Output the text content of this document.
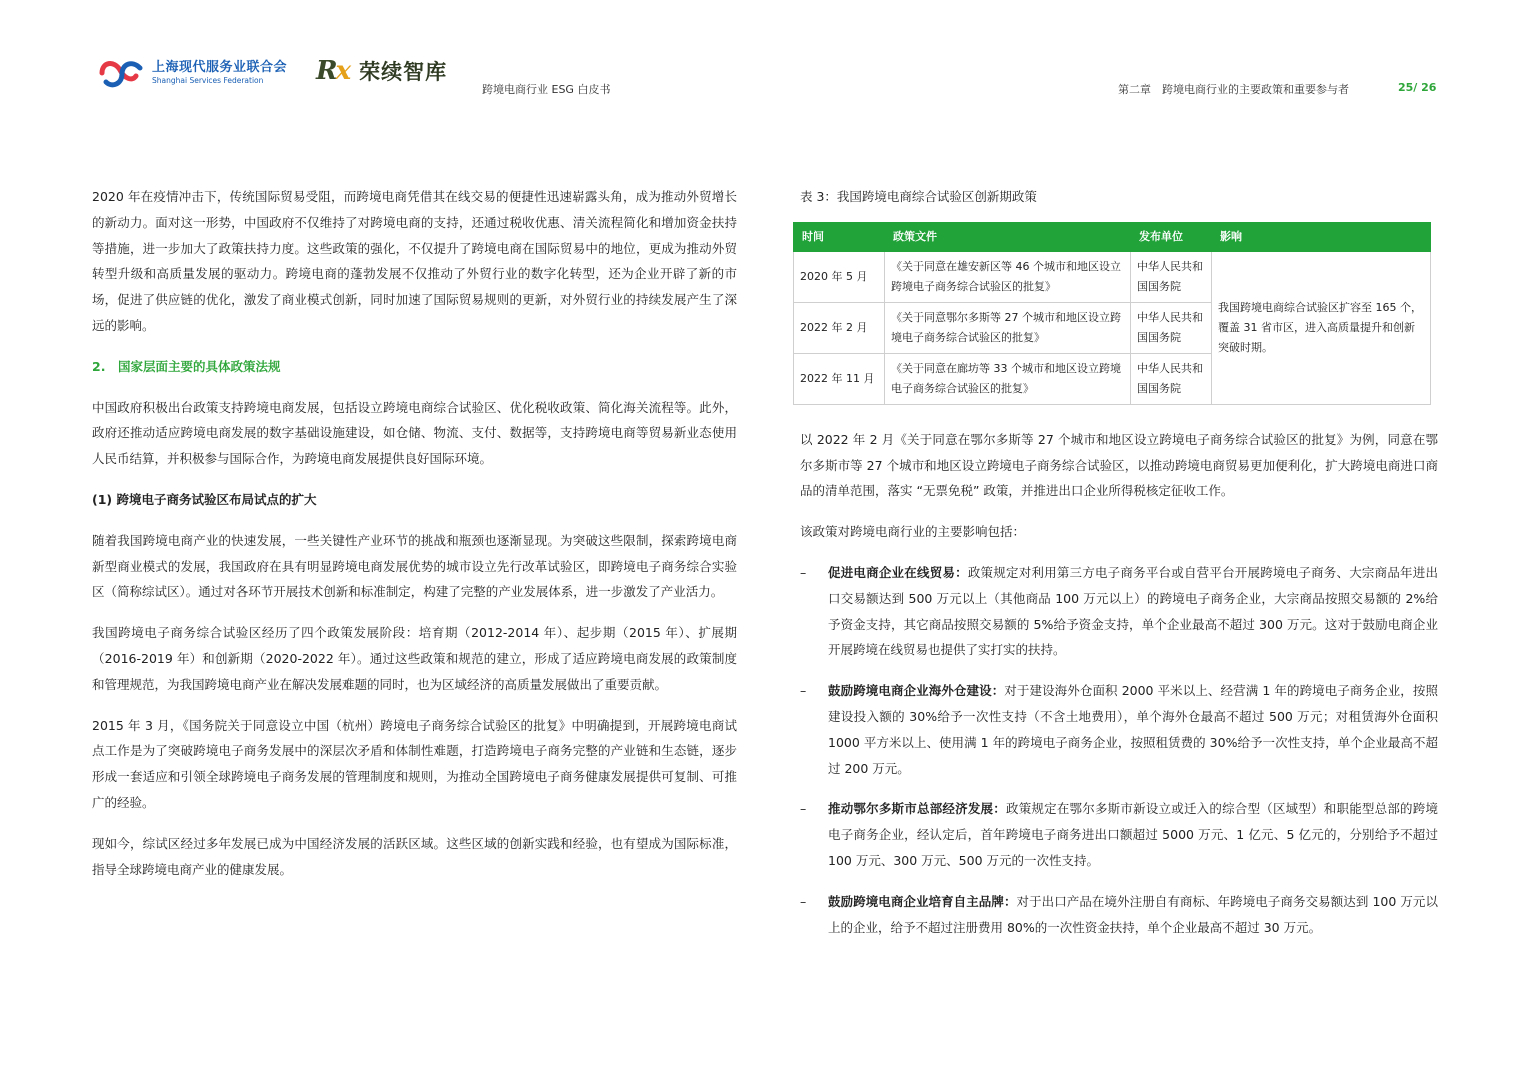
上海现代服务业联合会
Shanghai Services Federation	Rx 荣续智库
跨境电商行业 ESG 白皮书	第二章　跨境电商行业的主要政策和重要参与者	25/ 26

2020 年在疫情冲击下，传统国际贸易受阻，而跨境电商凭借其在线交易的便捷性迅速崭露头角，成为推动外贸增长的新动力。面对这一形势，中国政府不仅维持了对跨境电商的支持，还通过税收优惠、清关流程简化和增加资金扶持等措施，进一步加大了政策扶持力度。这些政策的强化，不仅提升了跨境电商在国际贸易中的地位，更成为推动外贸转型升级和高质量发展的驱动力。跨境电商的蓬勃发展不仅推动了外贸行业的数字化转型，还为企业开辟了新的市场，促进了供应链的优化，激发了商业模式创新，同时加速了国际贸易规则的更新，对外贸行业的持续发展产生了深远的影响。

2.　国家层面主要的具体政策法规

中国政府积极出台政策支持跨境电商发展，包括设立跨境电商综合试验区、优化税收政策、简化海关流程等。此外，政府还推动适应跨境电商发展的数字基础设施建设，如仓储、物流、支付、数据等，支持跨境电商等贸易新业态使用人民币结算，并积极参与国际合作，为跨境电商发展提供良好国际环境。

(1) 跨境电子商务试验区布局试点的扩大

随着我国跨境电商产业的快速发展，一些关键性产业环节的挑战和瓶颈也逐渐显现。为突破这些限制，探索跨境电商新型商业模式的发展，我国政府在具有明显跨境电商发展优势的城市设立先行改革试验区，即跨境电子商务综合实验区（简称综试区）。通过对各环节开展技术创新和标准制定，构建了完整的产业发展体系，进一步激发了产业活力。

我国跨境电子商务综合试验区经历了四个政策发展阶段：培育期（2012-2014 年）、起步期（2015 年）、扩展期（2016-2019 年）和创新期（2020-2022 年）。通过这些政策和规范的建立，形成了适应跨境电商发展的政策制度和管理规范，为我国跨境电商产业在解决发展难题的同时，也为区域经济的高质量发展做出了重要贡献。

2015 年 3 月，《国务院关于同意设立中国（杭州）跨境电子商务综合试验区的批复》中明确提到，开展跨境电商试点工作是为了突破跨境电子商务发展中的深层次矛盾和体制性难题，打造跨境电子商务完整的产业链和生态链，逐步形成一套适应和引领全球跨境电子商务发展的管理制度和规则，为推动全国跨境电子商务健康发展提供可复制、可推广的经验。

现如今，综试区经过多年发展已成为中国经济发展的活跃区域。这些区域的创新实践和经验，也有望成为国际标准，指导全球跨境电商产业的健康发展。

表 3：我国跨境电商综合试验区创新期政策
时间	政策文件	发布单位	影响
2020 年 5 月	《关于同意在雄安新区等 46 个城市和地区设立跨境电子商务综合试验区的批复》	中华人民共和国国务院	我国跨境电商综合试验区扩容至 165 个，覆盖 31 省市区，进入高质量提升和创新突破时期。
2022 年 2 月	《关于同意鄂尔多斯等 27 个城市和地区设立跨境电子商务综合试验区的批复》	中华人民共和国国务院	
2022 年 11 月	《关于同意在廊坊等 33 个城市和地区设立跨境电子商务综合试验区的批复》	中华人民共和国国务院	

以 2022 年 2 月《关于同意在鄂尔多斯等 27 个城市和地区设立跨境电子商务综合试验区的批复》为例，同意在鄂尔多斯市等 27 个城市和地区设立跨境电子商务综合试验区，以推动跨境电商贸易更加便利化，扩大跨境电商进口商品的清单范围，落实 “无票免税” 政策，并推进出口企业所得税核定征收工作。

该政策对跨境电商行业的主要影响包括：

– 促进电商企业在线贸易：政策规定对利用第三方电子商务平台或自营平台开展跨境电子商务、大宗商品年进出口交易额达到 500 万元以上（其他商品 100 万元以上）的跨境电子商务企业，大宗商品按照交易额的 2%给予资金支持，其它商品按照交易额的 5%给予资金支持，单个企业最高不超过 300 万元。这对于鼓励电商企业开展跨境在线贸易也提供了实打实的扶持。
– 鼓励跨境电商企业海外仓建设：对于建设海外仓面积 2000 平米以上、经营满 1 年的跨境电子商务企业，按照建设投入额的 30%给予一次性支持（不含土地费用），单个海外仓最高不超过 500 万元；对租赁海外仓面积 1000 平方米以上、使用满 1 年的跨境电子商务企业，按照租赁费的 30%给予一次性支持，单个企业最高不超过 200 万元。
– 推动鄂尔多斯市总部经济发展：政策规定在鄂尔多斯市新设立或迁入的综合型（区域型）和职能型总部的跨境电子商务企业，经认定后，首年跨境电子商务进出口额超过 5000 万元、1 亿元、5 亿元的，分别给予不超过 100 万元、300 万元、500 万元的一次性支持。
– 鼓励跨境电商企业培育自主品牌：对于出口产品在境外注册自有商标、年跨境电子商务交易额达到 100 万元以上的企业，给予不超过注册费用 80%的一次性资金扶持，单个企业最高不超过 30 万元。
